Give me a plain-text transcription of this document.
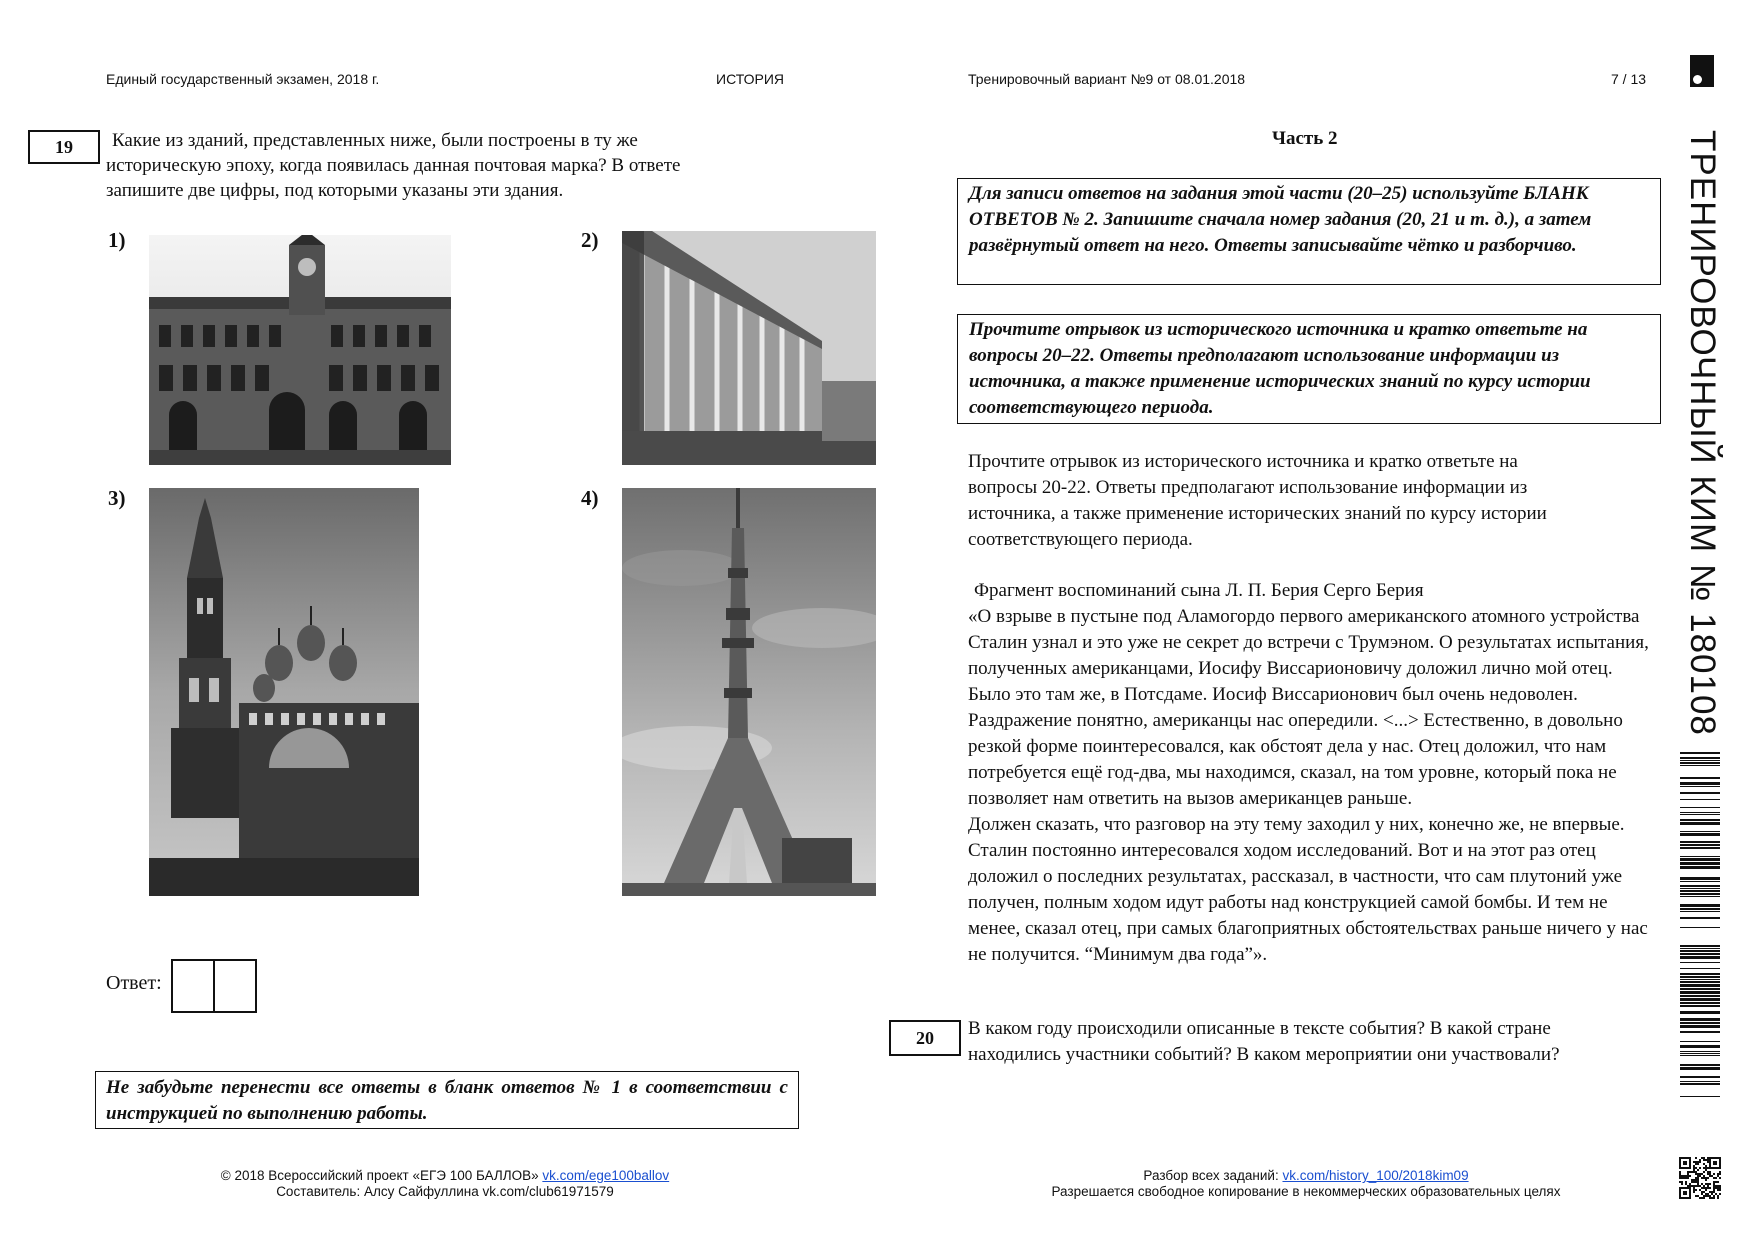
Единый государственный экзамен, 2018 г.	ИСТОРИЯ	Тренировочный вариант №9 от 08.01.2018	7 / 13
19	Какие из зданий, представленных ниже, были построены в ту же историческую эпоху, когда появилась данная почтовая марка? В ответе запишите две цифры, под которыми указаны эти здания.
1)	2)
3)	4)
Ответ:
Не забудьте перенести все ответы в бланк ответов № 1 в соответствии с инструкцией по выполнению работы.
Часть 2
Для записи ответов на задания этой части (20–25) используйте БЛАНК ОТВЕТОВ № 2. Запишите сначала номер задания (20, 21 и т. д.), а затем развёрнутый ответ на него. Ответы записывайте чётко и разборчиво.
Прочтите отрывок из исторического источника и кратко ответьте на вопросы 20–22. Ответы предполагают использование информации из источника, а также применение исторических знаний по курсу истории соответствующего периода.
Прочтите отрывок из исторического источника и кратко ответьте на вопросы 20-22. Ответы предполагают использование информации из источника, а также применение исторических знаний по курсу истории соответствующего периода.

Фрагмент воспоминаний сына Л. П. Берия Серго Берия

«О взрыве в пустыне под Аламогордо первого американского атомного устройства Сталин узнал и это уже не секрет до встречи с Трумэном. О результатах испытания, полученных американцами, Иосифу Виссарионовичу доложил лично мой отец. Было это там же, в Потсдаме. Иосиф Виссарионович был очень недоволен. Раздражение понятно, американцы нас опередили. <...> Естественно, в довольно резкой форме поинтересовался, как обстоят дела у нас. Отец доложил, что нам потребуется ещё год-два, мы находимся, сказал, на том уровне, который пока не позволяет нам ответить на вызов американцев раньше.

Должен сказать, что разговор на эту тему заходил у них, конечно же, не впервые. Сталин постоянно интересовался ходом исследований. Вот и на этот раз отец доложил о последних результатах, рассказал, в частности, что сам плутоний уже получен, полным ходом идут работы над конструкцией самой бомбы. И тем не менее, сказал отец, при самых благоприятных обстоятельствах раньше ничего у нас не получится. “Минимум два года”».

20	В каком году происходили описанные в тексте события? В какой стране находились участники событий? В каком мероприятии они участвовали?
ТРЕНИРОВОЧНЫЙ КИМ № 180108
© 2018 Всероссийский проект «ЕГЭ 100 БАЛЛОВ» vk.com/ege100ballov
Составитель: Алсу Сайфуллина vk.com/club61971579
Разбор всех заданий: vk.com/history_100/2018kim09
Разрешается свободное копирование в некоммерческих образовательных целях
